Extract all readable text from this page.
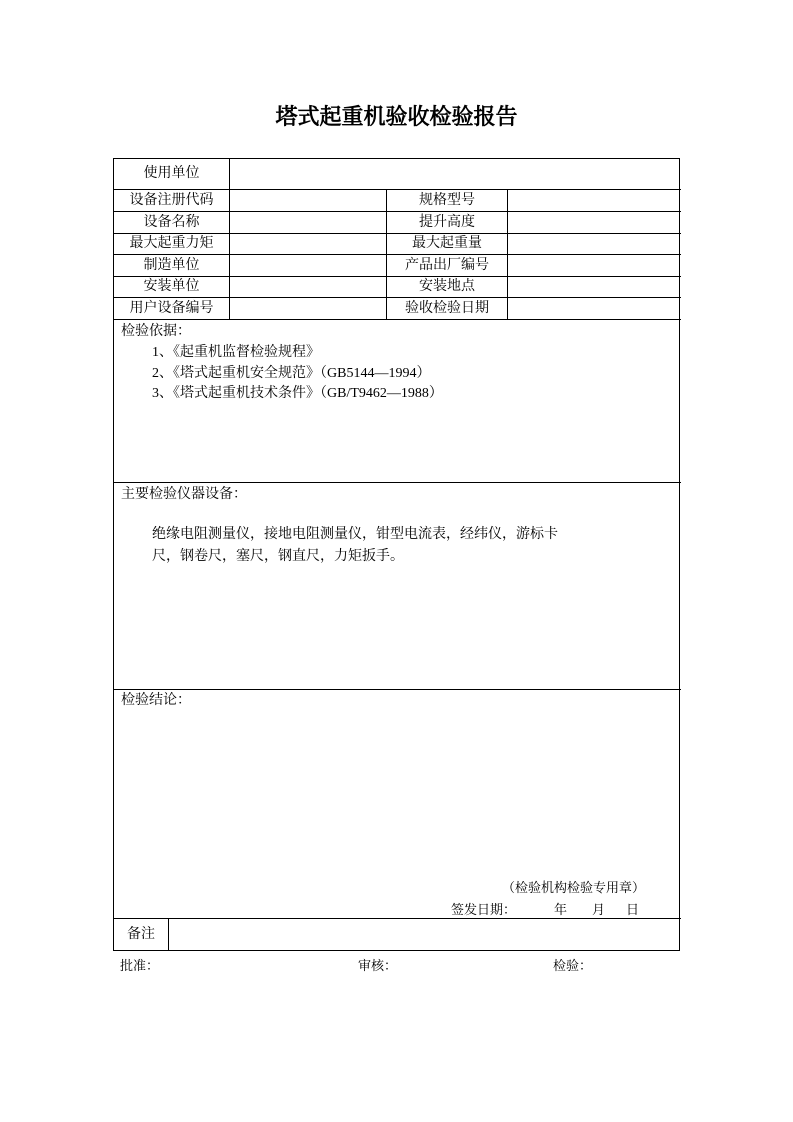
塔式起重机验收检验报告
使用单位
设备注册代码	规格型号
设备名称	提升高度
最大起重力矩	最大起重量
制造单位	产品出厂编号
安装单位	安装地点
用户设备编号	验收检验日期
检验依据：
1、《起重机监督检验规程》
2、《塔式起重机安全规范》（GB5144—1994）
3、《塔式起重机技术条件》（GB/T9462—1988）
主要检验仪器设备：
绝缘电阻测量仪，接地电阻测量仪，钳型电流表，经纬仪，游标卡
尺，钢卷尺，塞尺，钢直尺，力矩扳手。
检验结论：
（检验机构检验专用章）
签发日期：	年 月 日
备注
批准：	审核：	检验：
